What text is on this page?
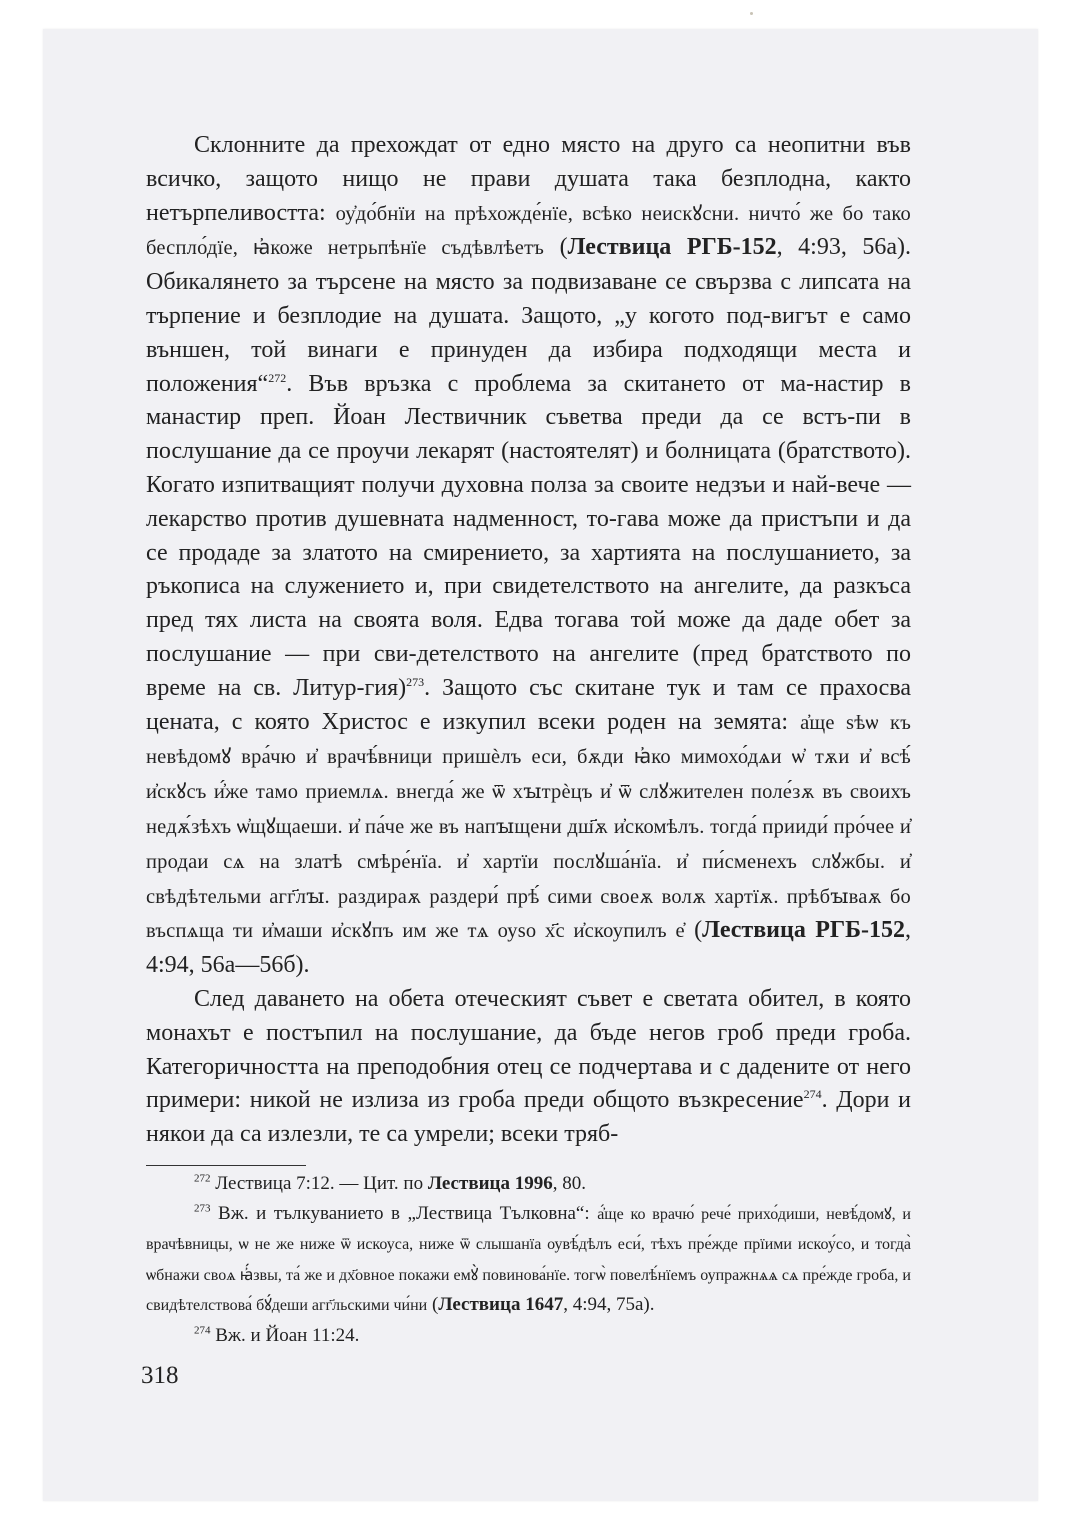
Склонните да прехождат от едно място на друго са неопитни във всичко, защото нищо не прави душата така безплодна, както нетърпеливостта: оу҆до́бнїи на прѣхожде́нїе, всѣко неискꙋсни. ничто́ же бо тако беспло́дїе, ꙗ҆коже нетрьпѣнїе съдѣвлѣетъ (Лествица РГБ-152, 4:93, 56а). Обикалянето за търсене на място за подвизаване се свързва с липсата на търпение и безплодие на душата. Защото, „у когото под-вигът е само външен, той винаги е принуден да избира подходящи места и положения“$^{272}$. Във връзка с проблема за скитането от ма-настир в манастир преп. Йоан Лествичник съветва преди да се встъ-пи в послушание да се проучи лекарят (настоятелят) и болницата (братството). Когато изпитващият получи духовна полза за своите недзъи и най-вече — лекарство против душевната надменност, то-гава може да пристъпи и да се продаде за златото на смирението, за хартията на послушанието, за ръкописа на служението и, при свидетелството на ангелите, да разкъса пред тях листа на своята воля. Едва тогава той може да даде обет за послушание — при сви-детелството на ангелите (пред братството по време на св. Литур-гия)$^{273}$. Защото със скитане тук и там се прахосва цената, с която Христос е изкупил всеки роден на земята: а҆ще ѕѣѡ къ невѣдомꙋ вра́чю и҆ врачѣ́вници пришѐлъ еси, бѫди ꙗ҆ко мимохо́дѧи ѡ҆ тѫи и҆ всѣ́ и҆скꙋсъ и҆́же тамо приемлѧ. внегда́ же ѿ хꙑтрѐцъ и҆ ѿ слꙋжителен поле́зѫ въ своихъ недѫ́зѣхъ ѡ҆щꙋщаеши. и҆ па́че же въ напꙑщени дш҃ѫ и҆скомѣлъ. тогда́ прииди́ про́чее и҆ продаи сѧ на златѣ смѣре́нїа. и҆ хартїи послꙋша́нїа. и҆ пи́сменехъ слꙋжбы. и҆ свѣдѣтельми агг҃лꙑ. раздираѫ раздери́ прѣ́ сими своеѫ волѫ хартїѫ. прѣбꙑваѫ бо въспѧща ти и҆маши и҆скꙋпъ им же тѧ оуѕо х҃с и҆скоупилъ е҆ (Лествица РГБ-152, 4:94, 56а—56б).

След даването на обета отеческият съвет е светата обител, в която монахът е постъпил на послушание, да бъде негов гроб преди гроба. Категоричността на преподобния отец се подчертава и с дадените от него примери: никой не излиза из гроба преди общото възкресение$^{274}$. Дори и някои да са излезли, те са умрели; всеки тряб-

$^{272}$ Лествица 7:12. — Цит. по Лествица 1996, 80.

$^{273}$ Вж. и тълкуванието в „Лествица Тълковна“: а҆́ще ко врачю́ рече́ прихо́диши, невѣ́домꙋ, и врачѣвницы, ѡ не же ниже ѿ искоуса, ниже ѿ слышанїа оувѣ́дѣлъ еси́, тѣхъ пре́жде прїими искоу́со, и тогда̀ ѡбнажи своѧ ꙗ҆́звы, та́ же и дх҃овное покажи емꙋ̀ повинова́нїе. тогѡ̀ повелѣ́нїемъ оупражнѧѧ сѧ пре́жде гроба, и свидѣтелствова́ бꙋ́деши агг҃льскими чи́ни (Лествица 1647, 4:94, 75а).

$^{274}$ Вж. и Йоан 11:24.

318
